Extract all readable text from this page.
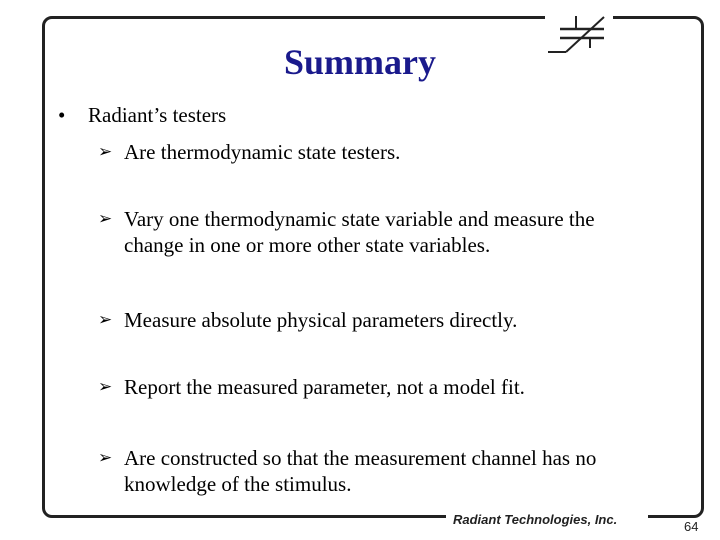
Summary
• Radiant’s testers
➢ Are thermodynamic state testers.
➢ Vary one thermodynamic state variable and measure the change in one or more other state variables.
➢ Measure absolute physical parameters directly.
➢ Report the measured parameter, not a model fit.
➢ Are constructed so that the measurement channel has no knowledge of the stimulus.
Radiant Technologies, Inc.	64
